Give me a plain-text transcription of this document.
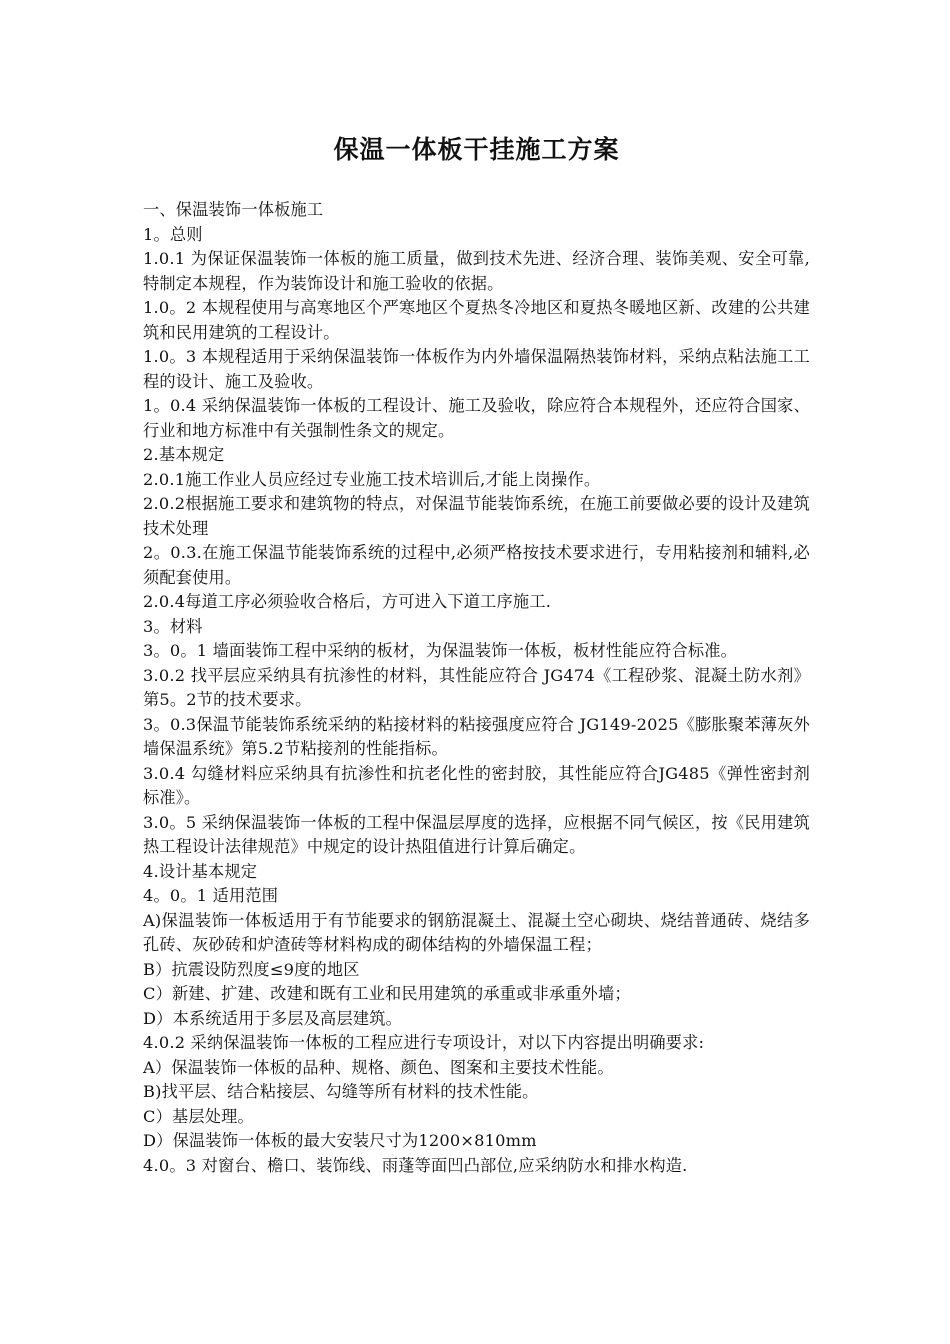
保温一体板干挂施工方案

一、保温装饰一体板施工

1。总则

1.0.1 为保证保温装饰一体板的施工质量，做到技术先进、经济合理、装饰美观、安全可靠,特制定本规程，作为装饰设计和施工验收的依据。

1.0。2 本规程使用与高寒地区个严寒地区个夏热冬冷地区和夏热冬暖地区新、改建的公共建筑和民用建筑的工程设计。

1.0。3 本规程适用于采纳保温装饰一体板作为内外墙保温隔热装饰材料，采纳点粘法施工工程的设计、施工及验收。

1。0.4 采纳保温装饰一体板的工程设计、施工及验收，除应符合本规程外，还应符合国家、行业和地方标准中有关强制性条文的规定。

2.基本规定

2.0.1施工作业人员应经过专业施工技术培训后,才能上岗操作。

2.0.2根据施工要求和建筑物的特点，对保温节能装饰系统，在施工前要做必要的设计及建筑技术处理

2。0.3.在施工保温节能装饰系统的过程中,必须严格按技术要求进行，专用粘接剂和辅料,必须配套使用。

2.0.4每道工序必须验收合格后，方可进入下道工序施工.

3。材料

3。0。1 墙面装饰工程中采纳的板材，为保温装饰一体板，板材性能应符合标准。

3.0.2 找平层应采纳具有抗渗性的材料，其性能应符合 JG474《工程砂浆、混凝土防水剂》第5。2节的技术要求。

3。0.3保温节能装饰系统采纳的粘接材料的粘接强度应符合 JG149-2025《膨胀聚苯薄灰外墙保温系统》第5.2节粘接剂的性能指标。

3.0.4 勾缝材料应采纳具有抗渗性和抗老化性的密封胶，其性能应符合JG485《弹性密封剂标准》。

3.0。5 采纳保温装饰一体板的工程中保温层厚度的选择，应根据不同气候区，按《民用建筑热工程设计法律规范》中规定的设计热阻值进行计算后确定。

4.设计基本规定

4。0。1 适用范围

A)保温装饰一体板适用于有节能要求的钢筋混凝土、混凝土空心砌块、烧结普通砖、烧结多孔砖、灰砂砖和炉渣砖等材料构成的砌体结构的外墙保温工程；

B）抗震设防烈度≤9度的地区

C）新建、扩建、改建和既有工业和民用建筑的承重或非承重外墙；

D）本系统适用于多层及高层建筑。

4.0.2 采纳保温装饰一体板的工程应进行专项设计，对以下内容提出明确要求:

A）保温装饰一体板的品种、规格、颜色、图案和主要技术性能。

B)找平层、结合粘接层、勾缝等所有材料的技术性能。

C）基层处理。

D）保温装饰一体板的最大安装尺寸为1200×810mm

4.0。3 对窗台、檐口、装饰线、雨蓬等面凹凸部位,应采纳防水和排水构造.
